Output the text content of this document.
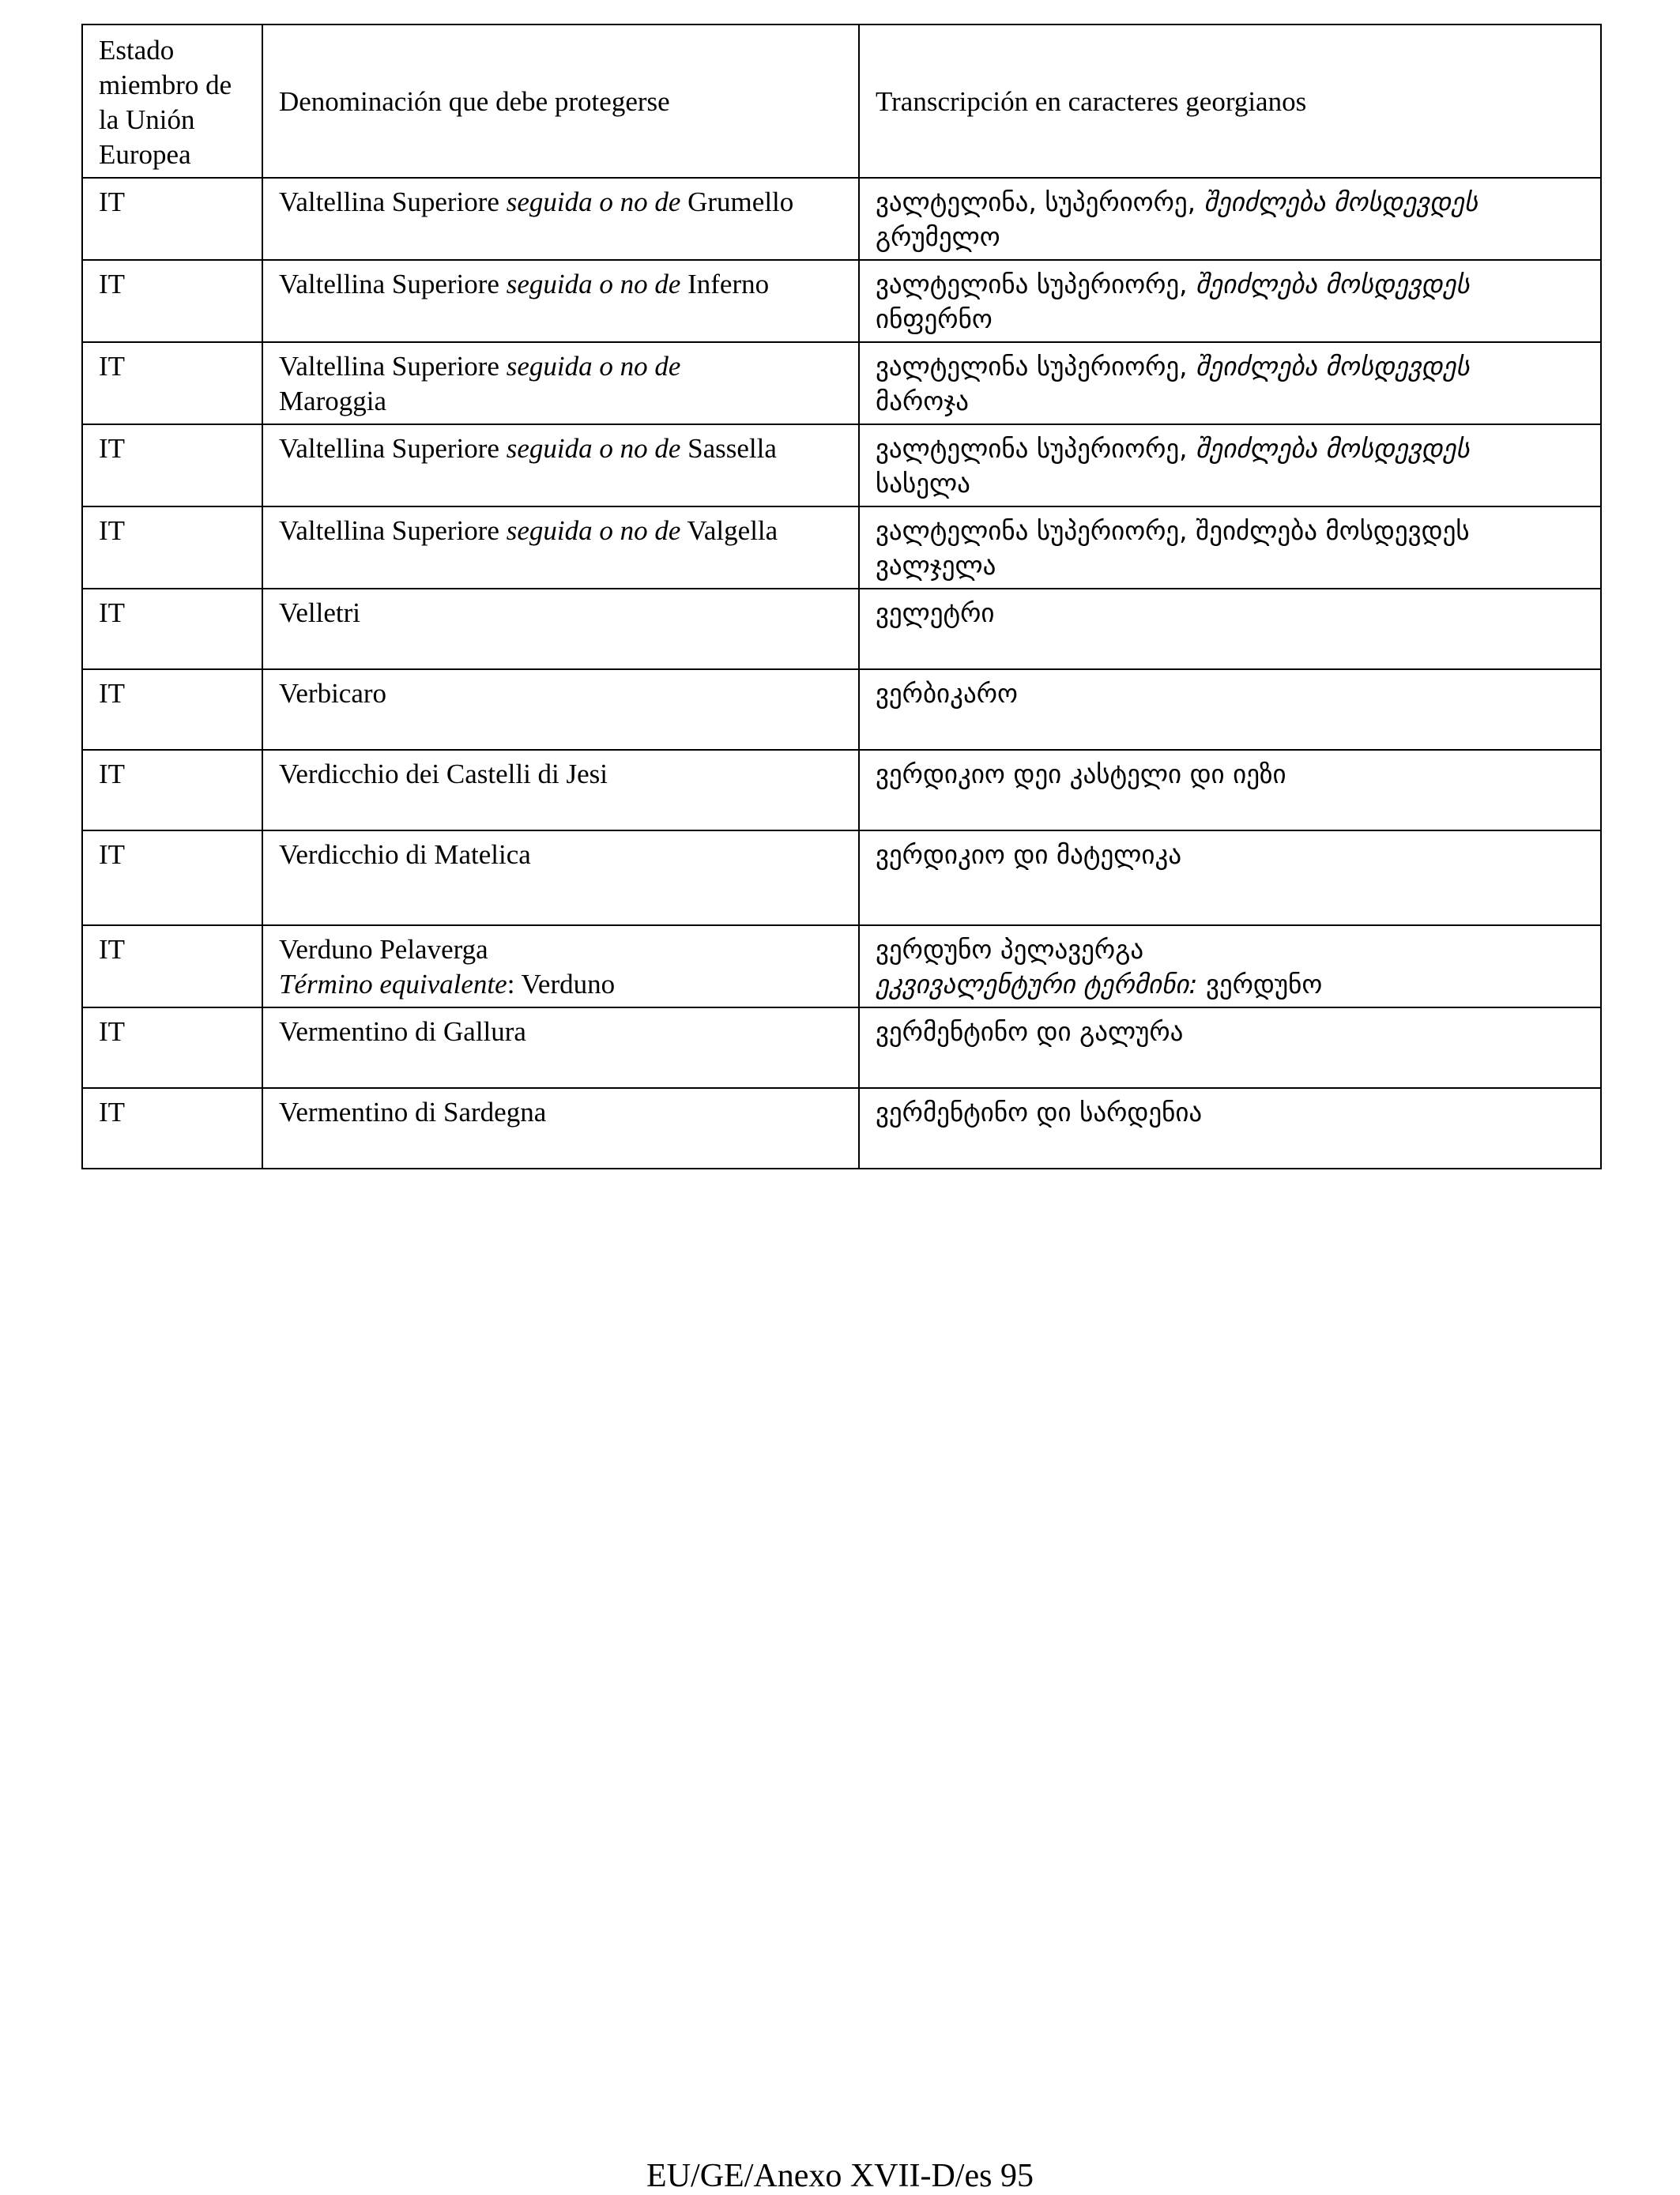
Estado miembro de la Unión Europea	Denominación que debe protegerse	Transcripción en caracteres georgianos
IT	Valtellina Superiore seguida o no de Grumello	ვალტელინა, სუპერიორე, შეიძლება მოსდევდეს
გრუმელო
IT	Valtellina Superiore seguida o no de Inferno	ვალტელინა სუპერიორე, შეიძლება მოსდევდეს
ინფერნო
IT	Valtellina Superiore seguida o no de
Maroggia	ვალტელინა სუპერიორე, შეიძლება მოსდევდეს
მაროჯა
IT	Valtellina Superiore seguida o no de Sassella	ვალტელინა სუპერიორე, შეიძლება მოსდევდეს
სასელა
IT	Valtellina Superiore seguida o no de Valgella	ვალტელინა სუპერიორე, შეიძლება მოსდევდეს
ვალჯელა
IT	Velletri	ველეტრი
IT	Verbicaro	ვერბიკარო
IT	Verdicchio dei Castelli di Jesi	ვერდიკიო დეი კასტელი დი იეზი
IT	Verdicchio di Matelica	ვერდიკიო დი მატელიკა
IT	Verduno Pelaverga
Término equivalente: Verduno	ვერდუნო პელავერგა
ეკვივალენტური ტერმინი: ვერდუნო
IT	Vermentino di Gallura	ვერმენტინო დი გალურა
IT	Vermentino di Sardegna	ვერმენტინო დი სარდენია
EU/GE/Anexo XVII-D/es 95
